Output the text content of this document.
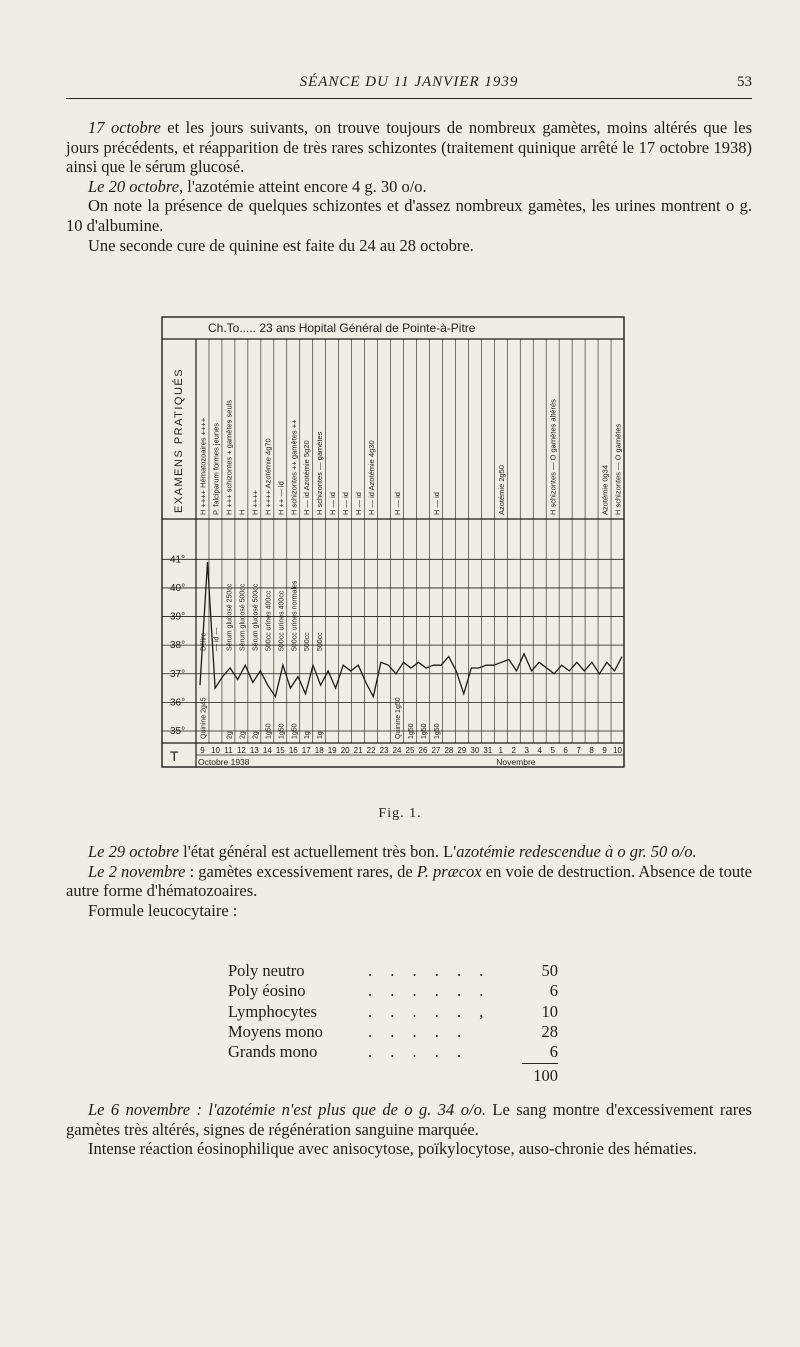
SÉANCE DU 11 JANVIER 1939	53

17 octobre et les jours suivants, on trouve toujours de nombreux gamètes, moins altérés que les jours précédents, et réapparition de très rares schizontes (traitement quinique arrêté le 17 octobre 1938) ainsi que le sérum glucosé.

Le 20 octobre, l'azotémie atteint encore 4 g. 30 o/o.

On note la présence de quelques schizontes et d'assez nombreux gamètes, les urines montrent o g. 10 d'albumine.

Une seconde cure de quinine est faite du 24 au 28 octobre.

Ch.To..... 23 ans Hopital Général de Pointe-à-Pitre
EXAMENS PRATIQUÉS
41°
40°
39°
38°
37°
36°
35°
T
H ++++ Hématozoaires ++++ P. falciparum formes jeunes H +++ schizontes + gamètes seuls H H ++++ H ++++ Azotémie 4g70 H ++ — id H schizontes ++ gamètes ++ H — id Azotémie 5g20 H schizontes — gamètes H — id H — id H — id H — id Azotémie 4g30 H — id	H — id	Azotémie 2g50	H schizontes — O gamètes altérés	H schizontes — O gamètes
Azotémie 0g34
Délire — id — Sérum glucosé 250cc Sérum glucosé 500cc Sérum glucosé 500cc 500cc urines 400cc 500cc urines 400cc 500cc urines normales 500cc 500cc
Quinine 2g45	2g 2g 2g 1g50 1g50 1g50 1g 1g	Quinine 1g50 1g50 1g50 1g50
9 10 11 12 13 14 15 16 17 18 19 20 21 22 23 24 25 26 27 28 29 30 31 1 2 3 4 5 6 7 8 9 10
Octobre 1938	Novembre
Fig. 1.

Le 29 octobre l'état général est actuellement très bon. L'azotémie redescendue à o gr. 50 o/o.

Le 2 novembre : gamètes excessivement rares, de P. præcox en voie de destruction. Absence de toute autre forme d'hématozoaires.

Formule leucocytaire :

Poly neutro	. . . . . .	50
Poly éosino	. . . . . .	6
Lymphocytes	. . . . . ,	10
Moyens mono	. . . . .	28
Grands mono	. . . . .	6
100

Le 6 novembre : l'azotémie n'est plus que de o g. 34 o/o. Le sang montre d'excessivement rares gamètes très altérés, signes de régénération sanguine marquée.

Intense réaction éosinophilique avec anisocytose, poïkylocytose, auso-chronie des hématies.
